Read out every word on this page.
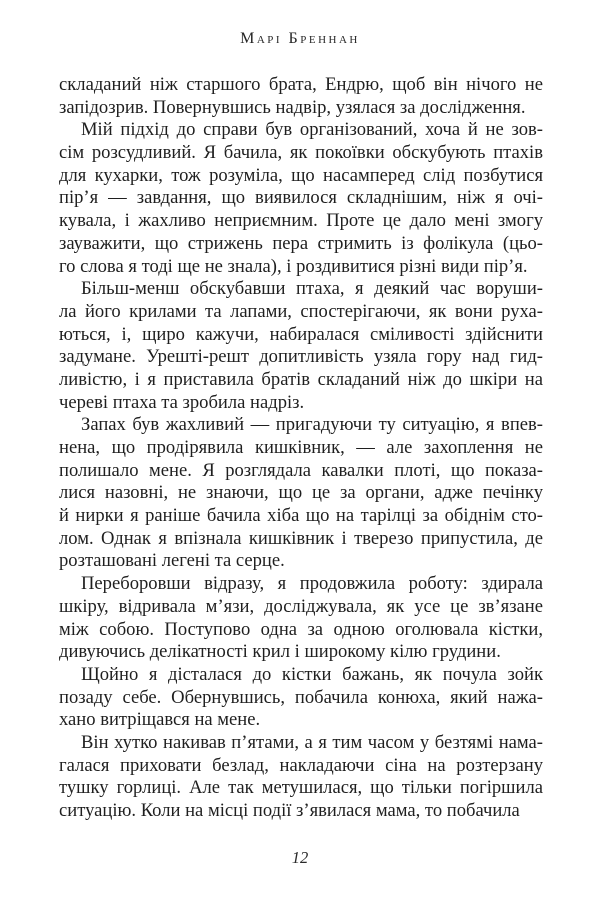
Марі Бреннан
складаний ніж старшого брата, Ендрю, щоб він нічого не
запідозрив. Повернувшись надвір, узялася за дослідження.
Мій підхід до справи був організований, хоча й не зов-
сім розсудливий. Я бачила, як покоївки обскубують птахів
для кухарки, тож розуміла, що насамперед слід позбутися
пір’я — завдання, що виявилося складнішим, ніж я очі-
кувала, і жахливо неприємним. Проте це дало мені змогу
зауважити, що стрижень пера стримить із фолікула (цьо-
го слова я тоді ще не знала), і роздивитися різні види пір’я.
Більш-менш обскубавши птаха, я деякий час воруши-
ла його крилами та лапами, спостерігаючи, як вони руха-
ються, і, щиро кажучи, набиралася сміливості здійснити
задумане. Урешті-решт допитливість узяла гору над гид-
ливістю, і я приставила братів складаний ніж до шкіри на
череві птаха та зробила надріз.
Запах був жахливий — пригадуючи ту ситуацію, я впев-
нена, що продірявила кишківник, — але захоплення не
полишало мене. Я розглядала кавалки плоті, що показа-
лися назовні, не знаючи, що це за органи, адже печінку
й нирки я раніше бачила хіба що на тарілці за обіднім сто-
лом. Однак я впізнала кишківник і тверезо припустила, де
розташовані легені та серце.
Переборовши відразу, я продовжила роботу: здирала
шкіру, відривала м’язи, досліджувала, як усе це зв’язане
між собою. Поступово одна за одною оголювала кістки,
дивуючись делікатності крил і широкому кілю грудини.
Щойно я дісталася до кістки бажань, як почула зойк
позаду себе. Обернувшись, побачила конюха, який нажа-
хано витріщався на мене.
Він хутко накивав п’ятами, а я тим часом у безтямі нама-
галася приховати безлад, накладаючи сіна на розтерзану
тушку горлиці. Але так метушилася, що тільки погіршила
ситуацію. Коли на місці події з’явилася мама, то побачила
12
